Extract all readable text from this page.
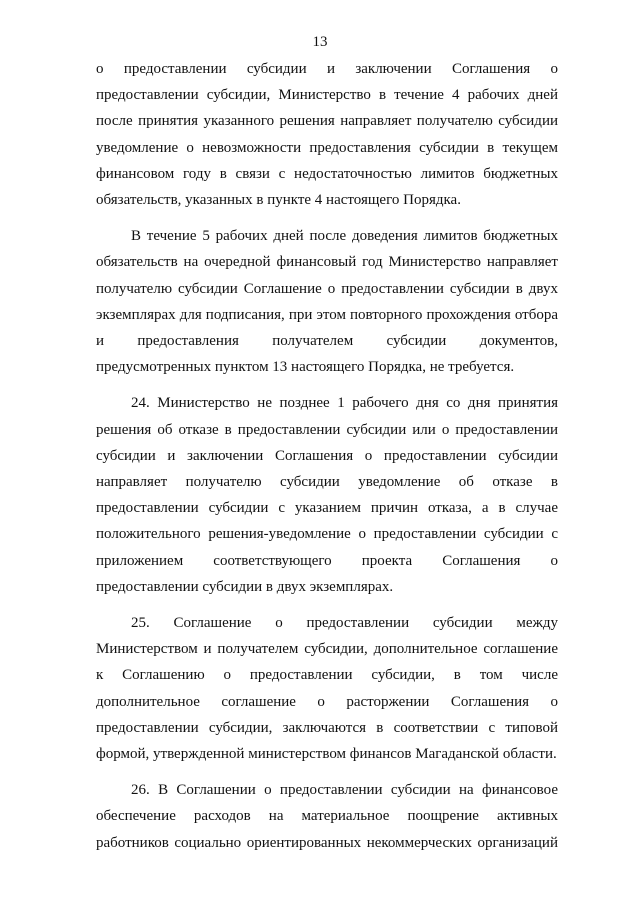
13

о предоставлении субсидии и заключении Соглашения о предоставлении субсидии, Министерство в течение 4 рабочих дней после принятия указанного решения направляет получателю субсидии уведомление о невозможности предоставления субсидии в текущем финансовом году в связи с недостаточностью лимитов бюджетных обязательств, указанных в пункте 4 настоящего Порядка.

В течение 5 рабочих дней после доведения лимитов бюджетных обязательств на очередной финансовый год Министерство направляет получателю субсидии Соглашение о предоставлении субсидии в двух экземплярах для подписания, при этом повторного прохождения отбора и предоставления получателем субсидии документов, предусмотренных пунктом 13 настоящего Порядка, не требуется.

24. Министерство не позднее 1 рабочего дня со дня принятия решения об отказе в предоставлении субсидии или о предоставлении субсидии и заключении Соглашения о предоставлении субсидии направляет получателю субсидии уведомление об отказе в предоставлении субсидии с указанием причин отказа, а в случае положительного решения-уведомление о предоставлении субсидии с приложением соответствующего проекта Соглашения о предоставлении субсидии в двух экземплярах.

25. Соглашение о предоставлении субсидии между Министерством и получателем субсидии, дополнительное соглашение к Соглашению о предоставлении субсидии, в том числе дополнительное соглашение о расторжении Соглашения о предоставлении субсидии, заключаются в соответствии с типовой формой, утвержденной министерством финансов Магаданской области.

26. В Соглашении о предоставлении субсидии на финансовое обеспечение расходов на материальное поощрение активных работников социально ориентированных некоммерческих организаций
